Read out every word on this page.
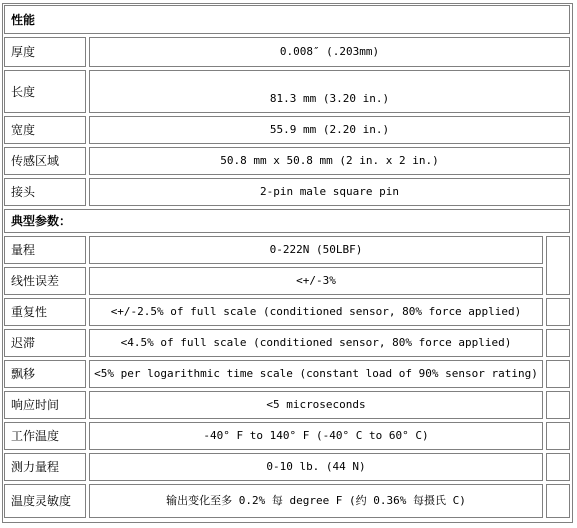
性能
厚度	0.008″ (.203mm)
长度	81.3 mm (3.20 in.)
宽度	55.9 mm (2.20 in.)
传感区域	50.8 mm x 50.8 mm (2 in. x 2 in.)
接头	2-pin male square pin
典型参数：
量程	0-222N (50LBF)
线性误差	<+/-3%
重复性	<+/-2.5% of full scale (conditioned sensor, 80% force applied)
迟滞	<4.5% of full scale (conditioned sensor, 80% force applied)
飘移	<5% per logarithmic time scale (constant load of 90% sensor rating)
响应时间	<5 microseconds
工作温度	-40° F to 140° F (-40° C to 60° C)
测力量程	0-10 lb. (44 N)
温度灵敏度	输出变化至多 0.2% 每 degree F (约 0.36% 每摄氏 C)
